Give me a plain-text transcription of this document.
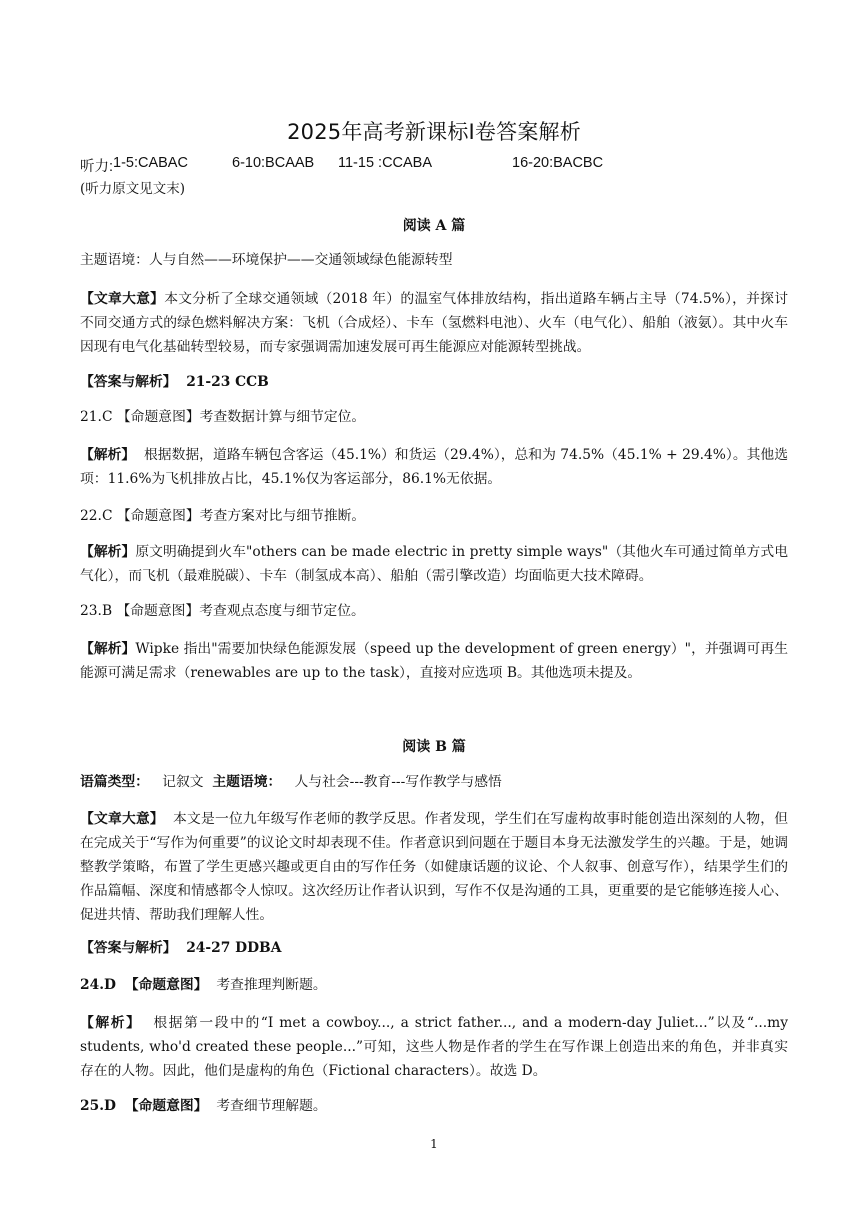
2025年高考新课标I卷答案解析
听力: 1-5:CABAC	6-10:BCAAB 11-15 :CCABA	16-20:BACBC
(听力原文见文末)
阅读 A 篇

主题语境：人与自然——环境保护——交通领域绿色能源转型

【文章大意】本文分析了全球交通领域（2018 年）的温室气体排放结构，指出道路车辆占主导（74.5%），并探讨不同交通方式的绿色燃料解决方案：飞机（合成烃）、卡车（氢燃料电池）、火车（电气化）、船舶（液氨）。其中火车因现有电气化基础转型较易，而专家强调需加速发展可再生能源应对能源转型挑战。

【答案与解析】 21-23 CCB

21.C 【命题意图】考查数据计算与细节定位。

【解析】 根据数据，道路车辆包含客运（45.1%）和货运（29.4%），总和为 74.5%（45.1% + 29.4%）。其他选项：11.6%为飞机排放占比，45.1%仅为客运部分，86.1%无依据。

22.C 【命题意图】考查方案对比与细节推断。

【解析】原文明确提到火车"others can be made electric in pretty simple ways"（其他火车可通过简单方式电气化），而飞机（最难脱碳）、卡车（制氢成本高）、船舶（需引擎改造）均面临更大技术障碍。

23.B 【命题意图】考查观点态度与细节定位。

【解析】Wipke 指出"需要加快绿色能源发展（speed up the development of green energy）"，并强调可再生能源可满足需求（renewables are up to the task），直接对应选项 B。其他选项未提及。

阅读 B 篇

语篇类型： 记叙文 主题语境： 人与社会---教育---写作教学与感悟

【文章大意】 本文是一位九年级写作老师的教学反思。作者发现，学生们在写虚构故事时能创造出深刻的人物，但在完成关于“写作为何重要”的议论文时却表现不佳。作者意识到问题在于题目本身无法激发学生的兴趣。于是，她调整教学策略，布置了学生更感兴趣或更自由的写作任务（如健康话题的议论、个人叙事、创意写作），结果学生们的作品篇幅、深度和情感都令人惊叹。这次经历让作者认识到，写作不仅是沟通的工具，更重要的是它能够连接人心、促进共情、帮助我们理解人性。

【答案与解析】 24-27 DDBA

24.D 【命题意图】 考查推理判断题。

【解析】 根据第一段中的“I met a cowboy..., a strict father..., and a modern-day Juliet...”以及“...my students, who'd created these people...”可知，这些人物是作者的学生在写作课上创造出来的角色，并非真实存在的人物。因此，他们是虚构的角色（Fictional characters）。故选 D。

25.D 【命题意图】 考查细节理解题。

1
